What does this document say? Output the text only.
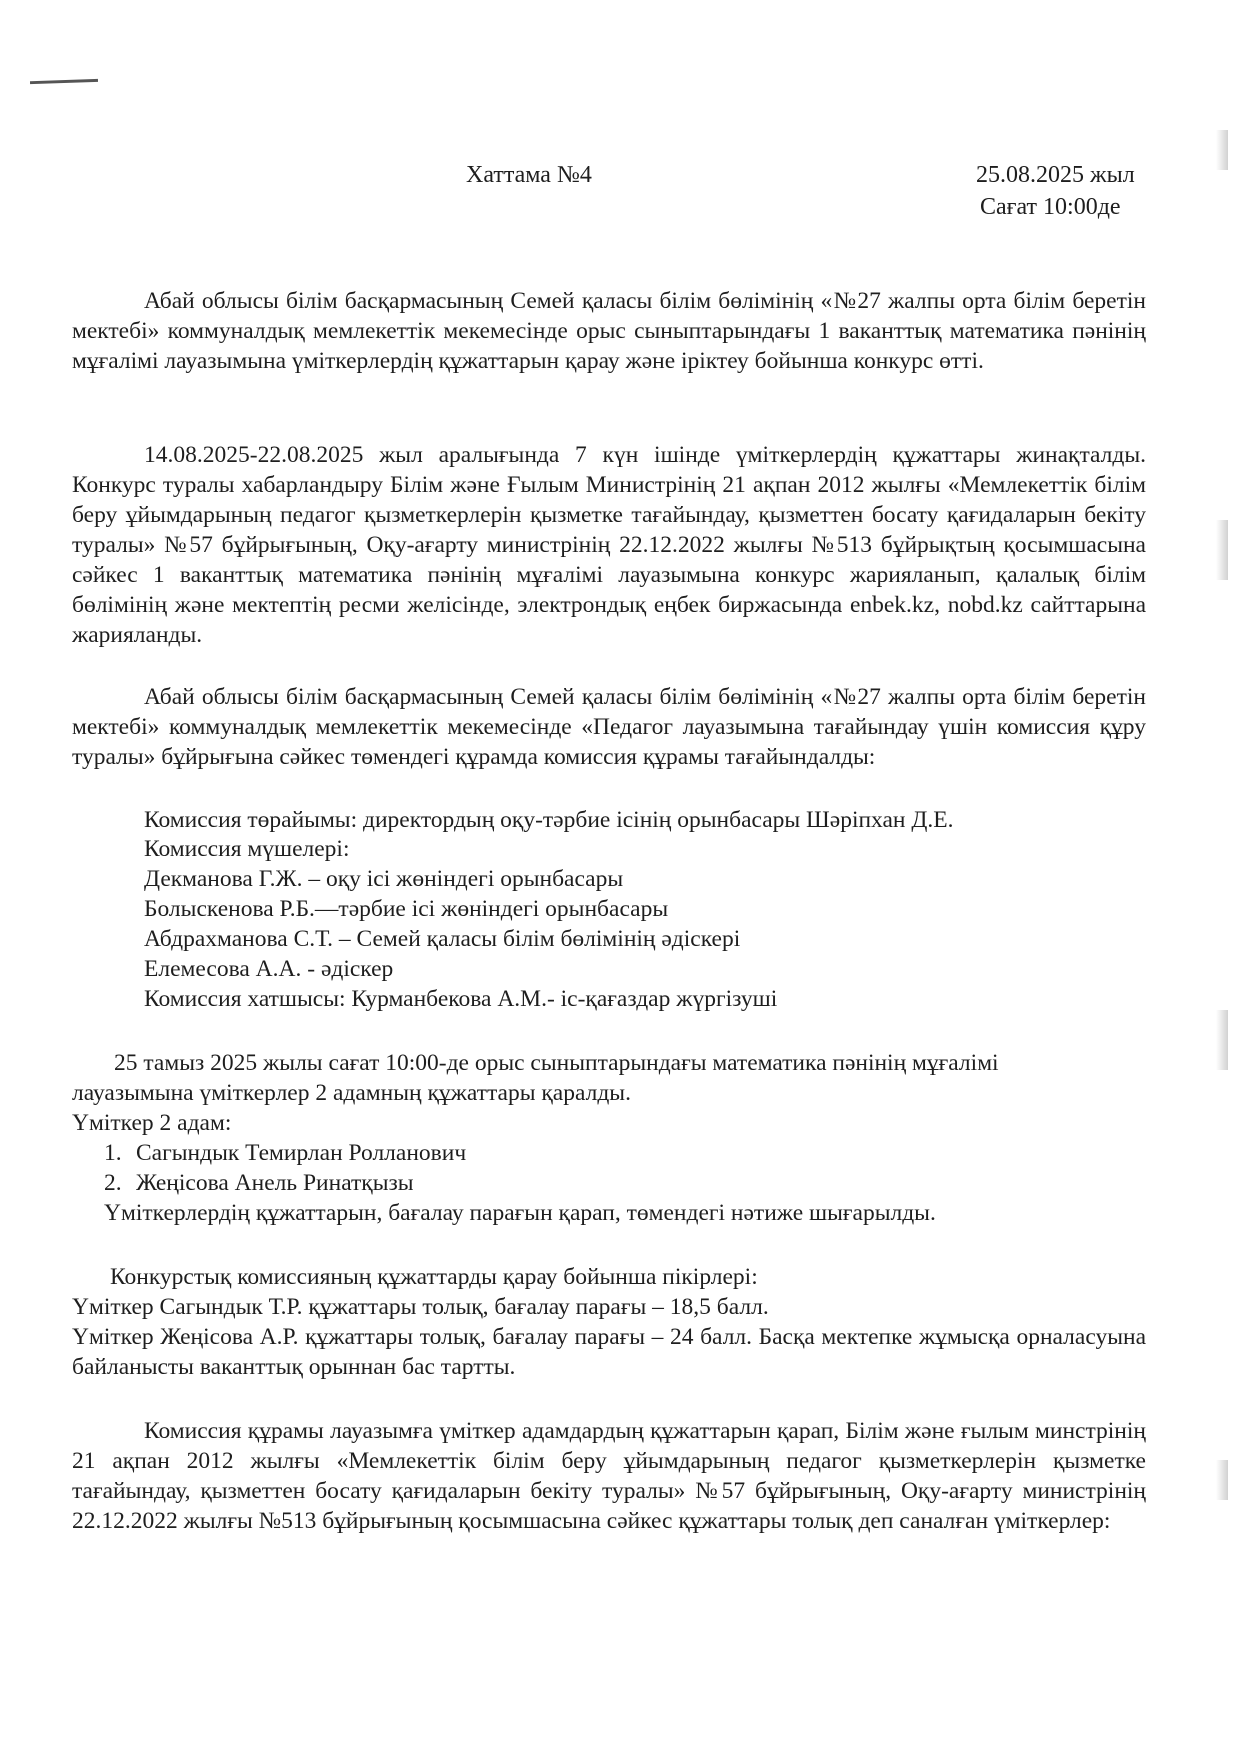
Хаттама №4	25.08.2025 жыл
Сағат 10:00де
Абай облысы білім басқармасының Семей қаласы білім бөлімінің «№27 жалпы орта білім беретін мектебі» коммуналдық мемлекеттік мекемесінде орыс сыныптарындағы 1 вакантты​қ математика пәнінің мұғалімі лауазымына үміткерлердің құжаттарын қарау және іріктеу бойынша конкурс өтті.
14.08.2025-22.08.2025 жыл аралығында 7 күн ішінде үміткерлердің құжаттары жинақталды. Конкурс туралы хабарландыру Білім және Ғылым Министрінің 21 ақпан 2012 жылғы «Мемлекеттік білім беру ұйымдарының педагог қызметкерлерін қызметке тағайындау, қызметтен босату қағидаларын бекіту туралы» №57 бұйрығының, Оқу-ағарту министрінің 22.12.2022 жылғы №513 бұйрықтың қосымшасына сәйкес 1 вакантты​қ математика пәнінің мұғалімі лауазымына конкурс жарияланып, қалалық білім бөлімінің және мектептің ресми желісінде, электрондық еңбек биржасында enbek.kz, nobd.kz сайттарына жарияланды.
Абай облысы білім басқармасының Семей қаласы білім бөлімінің «№27 жалпы орта білім беретін мектебі» коммуналдық мемлекеттік мекемесінде «Педагог лауазымына тағайындау үшін комиссия құру туралы» бұйрығына сәйкес төмендегі құрамда комиссия құрамы тағайындалды:
Комиссия төрайымы: директордың оқу-тәрбие ісінің орынбасары Шәріпхан Д.Е.
Комиссия мүшелері:
Декманова Г.Ж. – оқу ісі жөніндегі орынбасары
Болыскенова Р.Б.—тәрбие ісі жөніндегі орынбасары
Абдрахманова С.Т. – Семей қаласы білім бөлімінің әдіскері
Елемесова А.А. - әдіскер
Комиссия хатшысы: Курманбекова А.М.- іс-қағаздар жүргізуші
25 тамыз 2025 жылы сағат 10:00-де орыс сыныптарындағы математика пәнінің мұғалімі
лауазымына үміткерлер 2 адамның құжаттары қаралды.
Үміткер 2 адам:
1. Сагындык Темирлан Ролланович
2. Жеңісова Анель Ринатқызы
Үміткерлердің құжаттарын, бағалау парағын қарап, төмендегі нәтиже шығарылды.
Конкурстық комиссияның құжаттарды қарау бойынша пікірлері:
Үміткер Сагындык Т.Р. құжаттары толық, бағалау парағы – 18,5 балл.
Үміткер Жеңісова А.Р. құжаттары толық, бағалау парағы – 24 балл. Басқа мектепке жұмысқа орналасуына байланысты вакантты​қ орыннан бас тартты.
Комиссия құрамы лауазымға үміткер адамдардың құжаттарын қарап, Білім және ғылым минстрінің 21 ақпан 2012 жылғы «Мемлекеттік білім беру ұйымдарының педагог қызметкерлерін қызметке тағайындау, қызметтен босату қағидаларын бекіту туралы» №57 бұйрығының, Оқу-ағарту министрінің 22.12.2022 жылғы №513 бұйрығының қосымшасына сәйкес құжаттары толық деп саналған үміткерлер:
